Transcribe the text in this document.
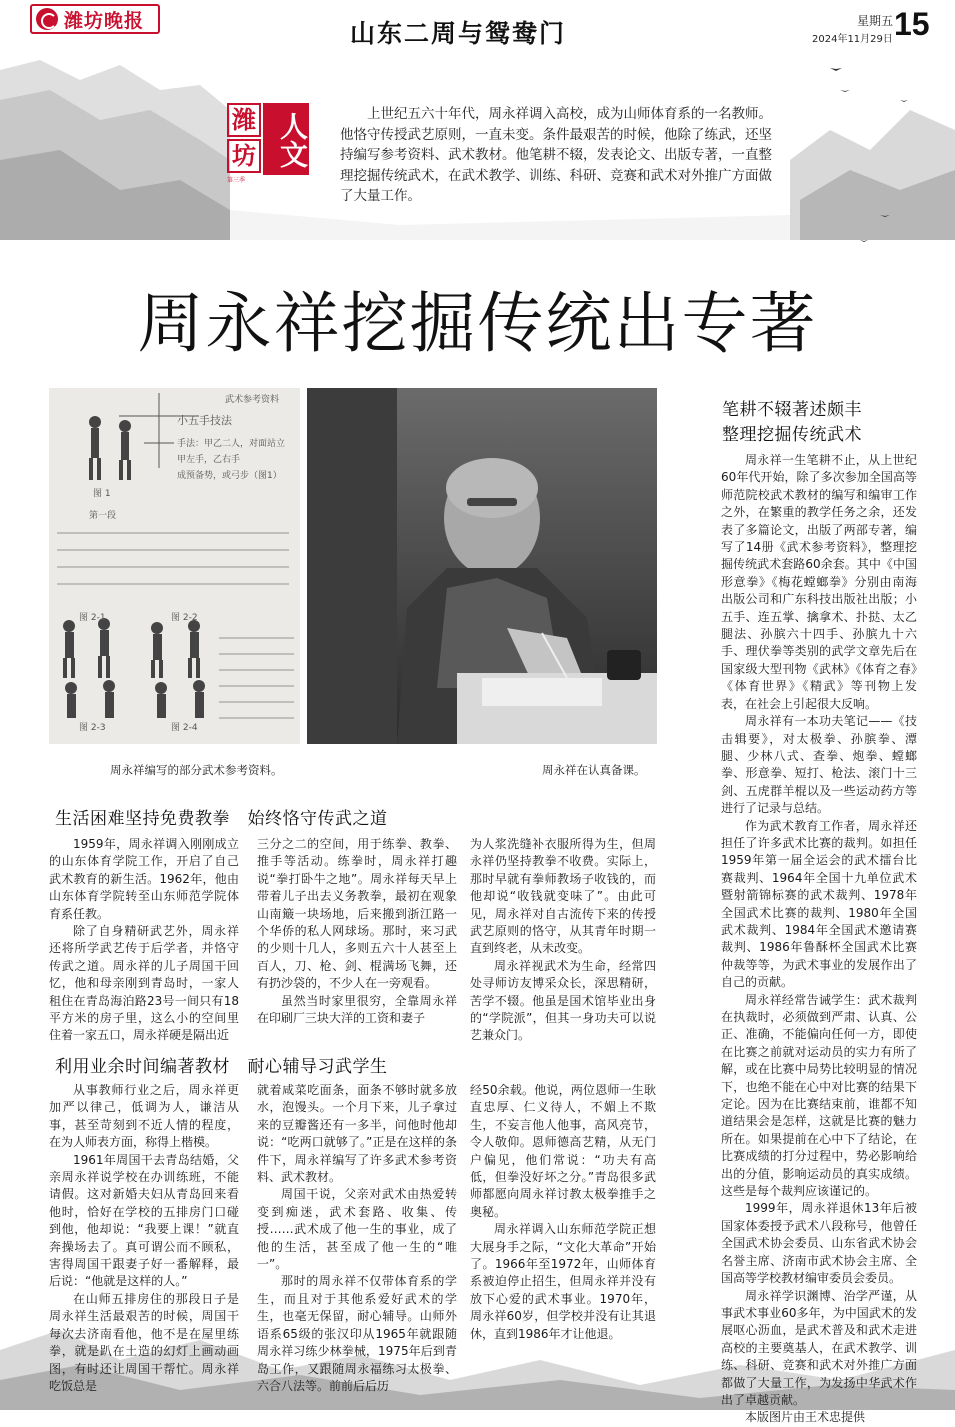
潍坊晚报	山东二周与鸳鸯门	星期五
2024年11月29日 15
潍 人文
坊
第三季
上世纪五六十年代，周永祥调入高校，成为山师体育系的一名教师。他恪守传授武艺原则，一直未变。条件最艰苦的时候，他除了练武，还坚持编写参考资料、武术教材。他笔耕不辍，发表论文、出版专著，一直整理挖掘传统武术，在武术教学、训练、科研、竞赛和武术对外推广方面做了大量工作。
周永祥挖掘传统出专著
武术参考资料
小五手技法
手法：甲乙二人，对面站立
甲左手，乙右手
成预备势，或弓步（图1）
图 1
第一段
图 2-1	图 2-2
图 2-3	图 2-4
周永祥编写的部分武术参考资料。	周永祥在认真备课。
生活困难坚持免费教拳　始终恪守传武之道

1959年，周永祥调入刚刚成立的山东体育学院工作，开启了自己武术教育的新生活。1962年，他由山东体育学院转至山东师范学院体育系任教。

除了自身精研武艺外，周永祥还将所学武艺传于后学者，并恪守传武之道。周永祥的儿子周国干回忆，他和母亲刚到青岛时，一家人租住在青岛海泊路23号一间只有18平方米的房子里，这么小的空间里住着一家五口，周永祥硬是隔出近

三分之二的空间，用于练拳、教拳、推手等活动。练拳时，周永祥打趣说“拳打卧牛之地”。周永祥每天早上带着儿子出去义务教拳，最初在观象山南簸一块场地，后来搬到浙江路一个华侨的私人网球场。那时，来习武的少则十几人，多则五六十人甚至上百人，刀、枪、剑、棍满场飞舞，还有扔沙袋的，不少人在一旁观看。

虽然当时家里很穷，全靠周永祥在印刷厂三块大洋的工资和妻子

为人浆洗缝补衣服所得为生，但周永祥仍坚持教拳不收费。实际上，那时早就有拳师教场子收钱的，而他却说“收钱就变味了”。由此可见，周永祥对自古流传下来的传授武艺原则的恪守，从其青年时期一直到终老，从未改变。

周永祥视武术为生命，经常四处寻师访友博采众长，深思精研，苦学不辍。他虽是国术馆毕业出身的“学院派”，但其一身功夫可以说艺兼众门。

利用业余时间编著教材　耐心辅导习武学生

从事教师行业之后，周永祥更加严以律己，低调为人，谦洁从事，甚至苛刻到不近人情的程度，在为人师表方面，称得上楷模。

1961年周国干去青岛结婚，父亲周永祥说学校在办训练班，不能请假。这对新婚夫妇从青岛回来看他时，恰好在学校的五排房门口碰到他，他却说：“我要上课！”就直奔操场去了。真可谓公而不顾私，害得周国干跟妻子好一番解释，最后说：“他就是这样的人。”

在山师五排房住的那段日子是周永祥生活最艰苦的时候，周国干每次去济南看他，他不是在屋里练拳，就是趴在土造的幻灯上画动画图，有时还让周国干帮忙。周永祥吃饭总是

就着咸菜吃面条，面条不够时就多放水，泡馒头。一个月下来，儿子拿过来的豆瓣酱还有一多半，问他时他却说：“吃两口就够了。”正是在这样的条件下，周永祥编写了许多武术参考资料、武术教材。

周国干说，父亲对武术由热爱转变到痴迷，武术套路、收集、传授……武术成了他一生的事业，成了他的生活，甚至成了他一生的“唯一”。

那时的周永祥不仅带体育系的学生，而且对于其他系爱好武术的学生，也毫无保留，耐心辅导。山师外语系65级的张汉印从1965年就跟随周永祥习练少林拳械，1975年后到青岛工作，又跟随周永福练习太极拳、六合八法等。前前后后历

经50余载。他说，两位恩师一生耿直忠厚、仁义待人，不媚上不欺生，不妄言他人他事，高风亮节，令人敬仰。恩师德高艺精，从无门户偏见，他们常说：“功夫有高低，但拳没好坏之分。”青岛很多武师都愿向周永祥讨教太极拳推手之奥秘。

周永祥调入山东师范学院正想大展身手之际，“文化大革命”开始了。1966年至1972年，山师体育系被迫停止招生，但周永祥并没有放下心爱的武术事业。1970年，周永祥60岁，但学校并没有让其退休，直到1986年才让他退。

笔耕不辍著述颇丰
整理挖掘传统武术

周永祥一生笔耕不止，从上世纪60年代开始，除了多次参加全国高等师范院校武术教材的编写和编审工作之外，在繁重的教学任务之余，还发表了多篇论文，出版了两部专著，编写了14册《武术参考资料》，整理挖掘传统武术套路60余套。其中《中国形意拳》《梅花螳螂拳》分别由南海出版公司和广东科技出版社出版；小五手、连五掌、擒拿术、扑挞、太乙腿法、孙膑六十四手、孙膑九十六手、理伏拳等类别的武学文章先后在国家级大型刊物《武林》《体育之春》《体育世界》《精武》等刊物上发表，在社会上引起很大反响。

周永祥有一本功夫笔记——《技击辑要》，对太极拳、孙膑拳、潭腿、少林八式、查拳、炮拳、螳螂拳、形意拳、短打、枪法、滚门十三剑、五虎群羊棍以及一些运动药方等进行了记录与总结。

作为武术教育工作者，周永祥还担任了许多武术比赛的裁判。如担任1959年第一届全运会的武术擂台比赛裁判、1964年全国十九单位武术暨射箭锦标赛的武术裁判、1978年全国武术比赛的裁判、1980年全国武术裁判、1984年全国武术邀请赛裁判、1986年鲁酥杯全国武术比赛仲裁等等，为武术事业的发展作出了自己的贡献。

周永祥经常告诫学生：武术裁判在执裁时，必须做到严肃、认真、公正、准确，不能偏向任何一方，即使在比赛之前就对运动员的实力有所了解，或在比赛中局势比较明显的情况下，也绝不能在心中对比赛的结果下定论。因为在比赛结束前，谁都不知道结果会是怎样，这就是比赛的魅力所在。如果提前在心中下了结论，在比赛成绩的打分过程中，势必影响给出的分值，影响运动员的真实成绩。这些是每个裁判应该谨记的。

1999年，周永祥退休13年后被国家体委授予武术八段称号，他曾任全国武术协会委员、山东省武术协会名誉主席、济南市武术协会主席、全国高等学校教材编审委员会委员。

周永祥学识渊博、治学严谨，从事武术事业60多年，为中国武术的发展呕心沥血，是武术普及和武术走进高校的主要奠基人，在武术教学、训练、科研、竞赛和武术对外推广方面都做了大量工作，为发扬中华武术作出了卓越贡献。

本版图片由王术忠提供
